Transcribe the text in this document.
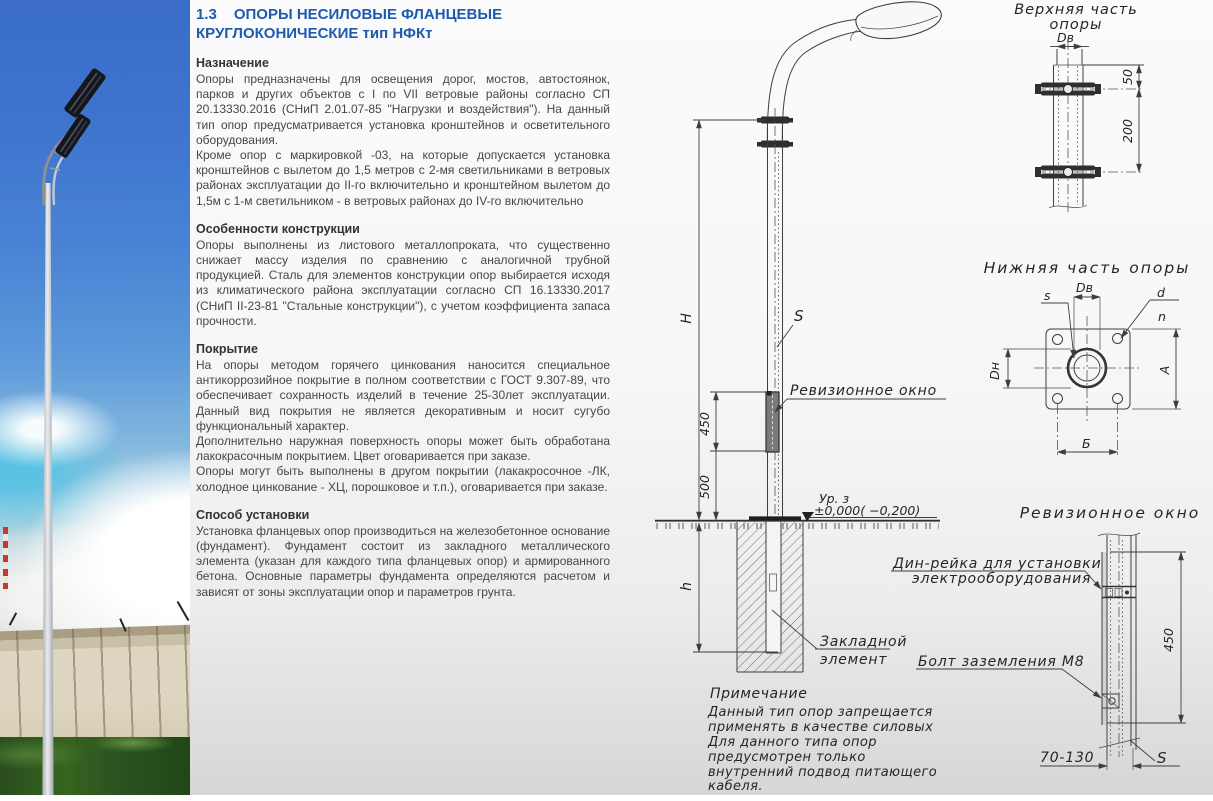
1.3 ОПОРЫ НЕСИЛОВЫЕ ФЛАНЦЕВЫЕ
КРУГЛОКОНИЧЕСКИЕ тип НФКт
Назначение

Опоры предназначены для освещения дорог, мостов, автостоянок, парков и других объектов с I по VII ветровые районы согласно СП 20.13330.2016 (СНиП 2.01.07-85 "Нагрузки и воздействия"). На данный тип опор предусматривается установка кронштейнов и осветительного оборудования.

Кроме опор с маркировкой -03, на которые допускается установка кронштейнов с вылетом до 1,5 метров с 2-мя светильниками в ветровых районах эксплуатации до II-го включительно и кронштейном вылетом до 1,5м с 1-м светильником - в ветровых районах до IV-го включительно

Особенности конструкции

Опоры выполнены из листового металлопроката, что существенно снижает массу изделия по сравнению с аналогичной трубной продукцией. Сталь для элементов конструкции опор выбирается исходя из климатического района эксплуатации согласно СП 16.13330.2017 (СНиП II-23-81 "Стальные конструкции"), с учетом коэффициента запаса прочности.

Покрытие

На опоры методом горячего цинкования наносится специальное антикоррозийное покрытие в полном соответствии с ГОСТ 9.307-89, что обеспечивает сохранность изделий в течение 25-30лет эксплуатации. Данный вид покрытия не является декоративным и носит сугубо функциональный характер.

Дополнительно наружная поверхность опоры может быть обработана лакокрасочным покрытием. Цвет оговаривается при заказе.

Опоры могут быть выполнены в другом покрытии (лакакросочное -ЛК, холодное цинкование - ХЦ, порошковое и т.п.), оговаривается при заказе.

Способ установки

Установка фланцевых опор производиться на железобетонное основание (фундамент). Фундамент состоит из закладного металлического элемента (указан для каждого типа фланцевых опор) и армированного бетона. Основные параметры фундамента определяются расчетом и зависят от зоны эксплуатации опор и параметров грунта.

H
450
500
S
Ревизионное окно
Ур. з
±0,000( −0,200)
h
Закладной
элемент
Примечание
Данный тип опор запрещается
применять в качестве силовых
Для данного типа опор
предусмотрен только
внутренний подвод питающего
кабеля.
Верхняя часть
опоры
Dв
50
200
Нижняя часть опоры
Dв
s	d
n
Dн	А
Б
Ревизионное окно
450
70-130	S
Дин-рейка для установки
электрооборудования
Болт заземления М8
